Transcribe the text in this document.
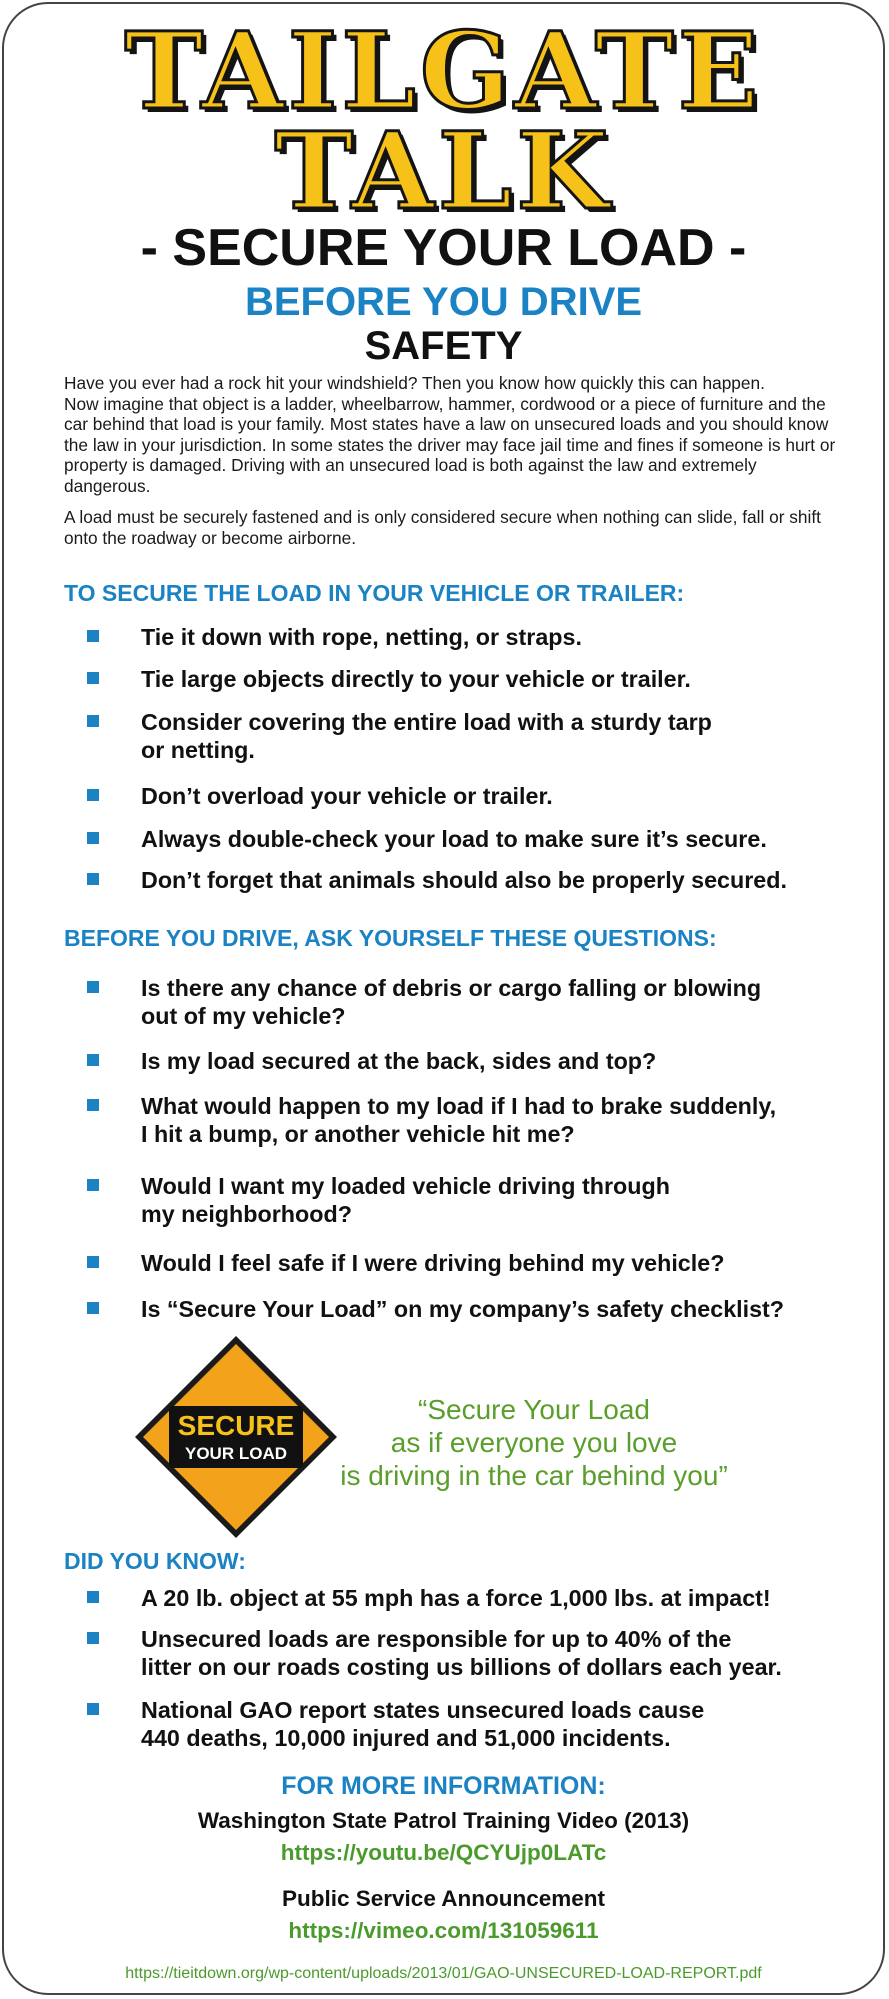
TAILGATE
TALK
- SECURE YOUR LOAD -
BEFORE YOU DRIVE
SAFETY
Have you ever had a rock hit your windshield? Then you know how quickly this can happen.
Now imagine that object is a ladder, wheelbarrow, hammer, cordwood or a piece of furniture and the
car behind that load is your family. Most states have a law on unsecured loads and you should know
the law in your jurisdiction. In some states the driver may face jail time and fines if someone is hurt or
property is damaged. Driving with an unsecured load is both against the law and extremely dangerous.
A load must be securely fastened and is only considered secure when nothing can slide, fall or shift
onto the roadway or become airborne.
TO SECURE THE LOAD IN YOUR VEHICLE OR TRAILER:
Tie it down with rope, netting, or straps.
Tie large objects directly to your vehicle or trailer.
Consider covering the entire load with a sturdy tarp
or netting.
Don’t overload your vehicle or trailer.
Always double-check your load to make sure it’s secure.
Don’t forget that animals should also be properly secured.
BEFORE YOU DRIVE, ASK YOURSELF THESE QUESTIONS:
Is there any chance of debris or cargo falling or blowing
out of my vehicle?
Is my load secured at the back, sides and top?
What would happen to my load if I had to brake suddenly,
I hit a bump, or another vehicle hit me?
Would I want my loaded vehicle driving through
my neighborhood?
Would I feel safe if I were driving behind my vehicle?
Is “Secure Your Load” on my company’s safety checklist?
SECURE
YOUR LOAD
“Secure Your Load
as if everyone you love
is driving in the car behind you”
DID YOU KNOW:
A 20 lb. object at 55 mph has a force 1,000 lbs. at impact!
Unsecured loads are responsible for up to 40% of the
litter on our roads costing us billions of dollars each year.
National GAO report states unsecured loads cause
440 deaths, 10,000 injured and 51,000 incidents.
FOR MORE INFORMATION:
Washington State Patrol Training Video (2013)
https://youtu.be/QCYUjp0LATc
Public Service Announcement
https://vimeo.com/131059611
https://tieitdown.org/wp-content/uploads/2013/01/GAO-UNSECURED-LOAD-REPORT.pdf
